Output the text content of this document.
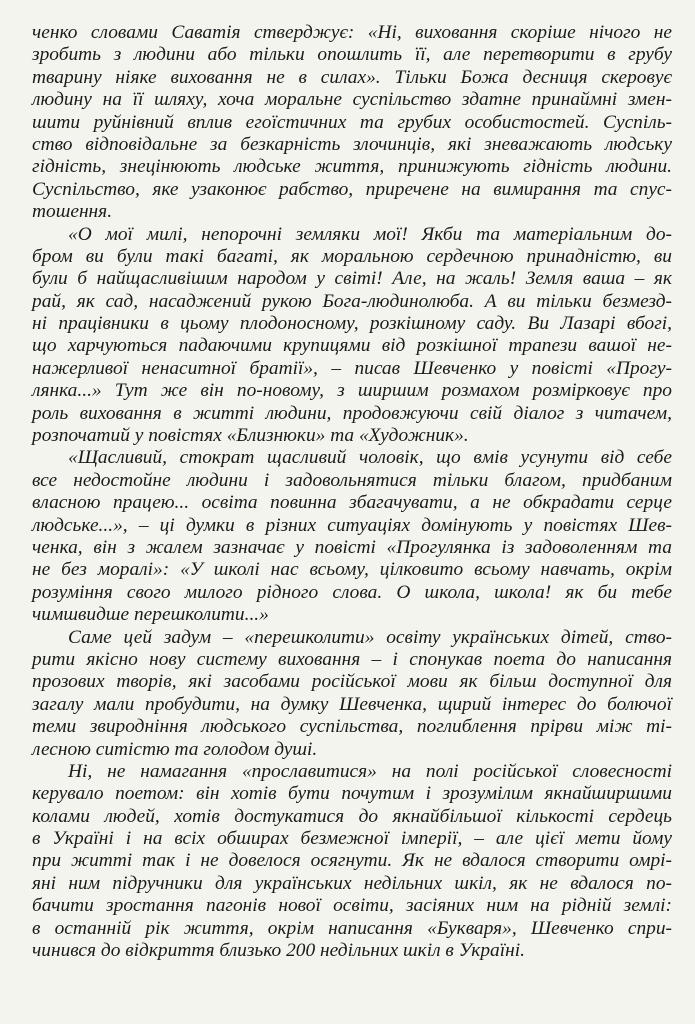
ченко словами Саватія стверджує: «Ні, виховання скоріше нічого не
зробить з людини або тільки опошлить її, але перетворити в грубу
тварину ніяке виховання не в силах». Тільки Божа десниця скеровує
людину на її шляху, хоча моральне суспільство здатне принаймні змен-
шити руйнівний вплив егоїстичних та грубих особистостей. Суспіль-
ство відповідальне за безкарність злочинців, які зневажають людську
гідність, знецінюють людське життя, принижують гідність людини.
Суспільство, яке узаконює рабство, приречене на вимирання та спус-
тошення.
«О мої милі, непорочні земляки мої! Якби та матеріальним до-
бром ви були такі багаті, як моральною сердечною принадністю, ви
були б найщасливішим народом у світі! Але, на жаль! Земля ваша – як
рай, як сад, насаджений рукою Бога-людинолюба. А ви тільки безмезд-
ні працівники в цьому плодоносному, розкішному саду. Ви Лазарі вбогі,
що харчуються падаючими крупицями від розкішної трапези вашої не-
нажерливої ненаситної братії», – писав Шевченко у повісті «Прогу-
лянка...» Тут же він по-новому, з ширшим розмахом розмірковує про
роль виховання в житті людини, продовжуючи свій діалог з читачем,
розпочатий у повістях «Близнюки» та «Художник».
«Щасливий, стократ щасливий чоловік, що вмів усунути від себе
все недостойне людини і задовольнятися тільки благом, придбаним
власною працею... освіта повинна збагачувати, а не обкрадати серце
людське...», – ці думки в різних ситуаціях домінують у повістях Шев-
ченка, він з жалем зазначає у повісті «Прогулянка із задоволенням та
не без моралі»: «У школі нас всьому, цілковито всьому навчать, окрім
розуміння свого милого рідного слова. О школа, школа! як би тебе
чимшвидше перешколити...»
Саме цей задум – «перешколити» освіту українських дітей, ство-
рити якісно нову систему виховання – і спонукав поета до написання
прозових творів, які засобами російської мови як більш доступної для
загалу мали пробудити, на думку Шевченка, щирий інтерес до болючої
теми звиродніння людського суспільства, поглиблення прірви між ті-
лесною ситістю та голодом душі.
Ні, не намагання «прославитися» на полі російської словесності
керувало поетом: він хотів бути почутим і зрозумілим якнайширшими
колами людей, хотів достукатися до якнайбільшої кількості сердець
в Україні і на всіх обширах безмежної імперії, – але цієї мети йому
при житті так і не довелося осягнути. Як не вдалося створити омрі-
яні ним підручники для українських недільних шкіл, як не вдалося по-
бачити зростання пагонів нової освіти, засіяних ним на рідній землі:
в останній рік життя, окрім написання «Букваря», Шевченко спри-
чинився до відкриття близько 200 недільних шкіл в Україні.
